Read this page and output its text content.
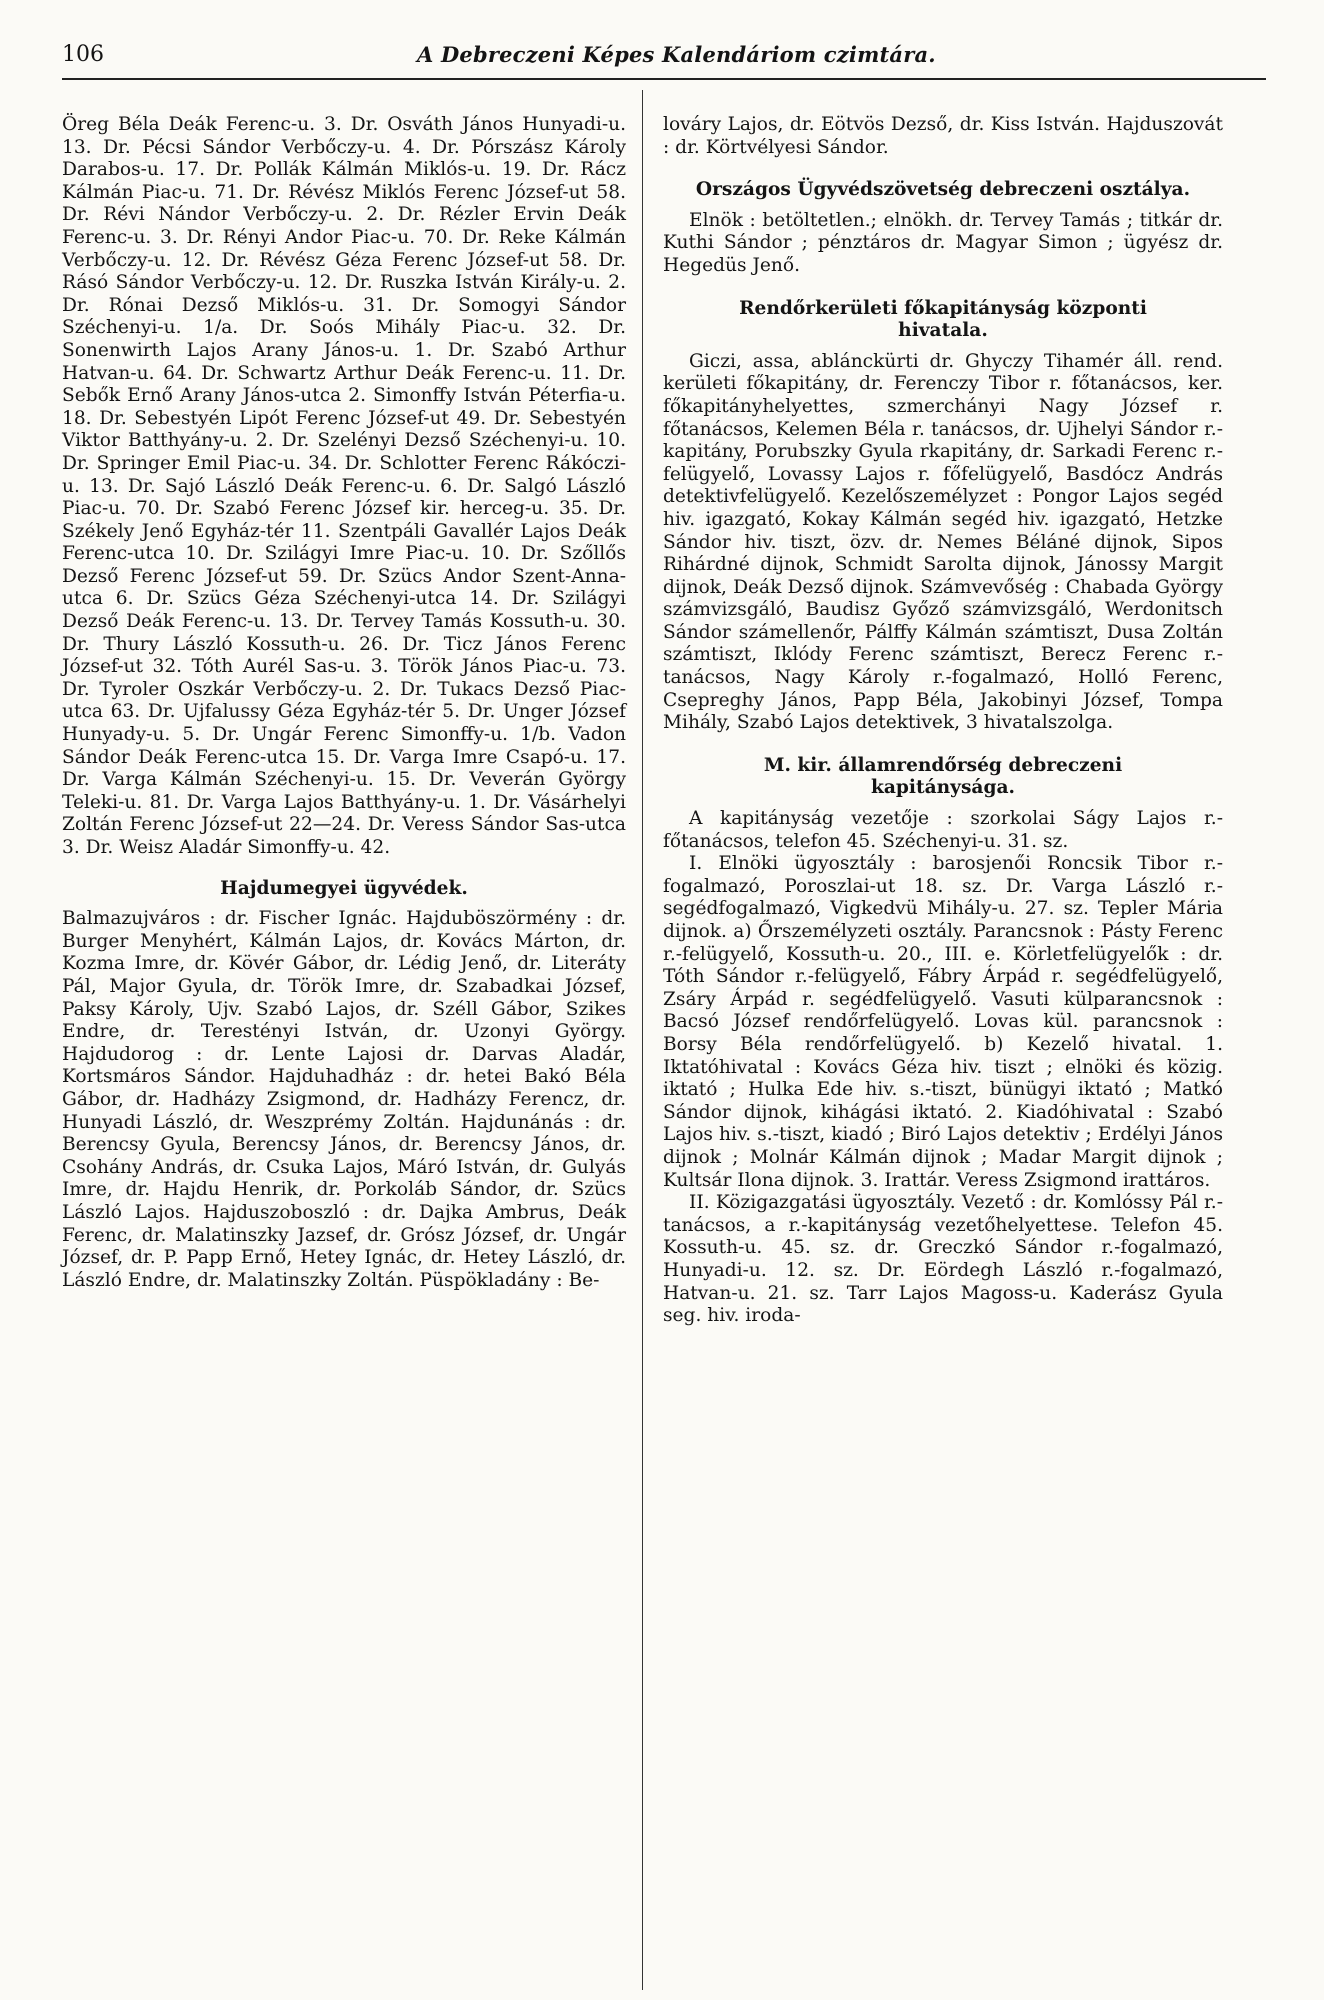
106	A Debreczeni Képes Kalendáriom czimtára.

Öreg Béla Deák Ferenc-u. 3. Dr. Osváth János Hunyadi-u. 13. Dr. Pécsi Sándor Verbőczy-u. 4. Dr. Pórszász Károly Darabos-u. 17. Dr. Pollák Kálmán Miklós-u. 19. Dr. Rácz Kálmán Piac-u. 71. Dr. Révész Miklós Ferenc József-ut 58. Dr. Révi Nándor Verbőczy-u. 2. Dr. Rézler Ervin Deák Ferenc-u. 3. Dr. Rényi Andor Piac-u. 70. Dr. Reke Kálmán Verbőczy-u. 12. Dr. Révész Géza Ferenc József-ut 58. Dr. Rásó Sándor Verbőczy-u. 12. Dr. Ruszka István Király-u. 2. Dr. Rónai Dezső Miklós-u. 31. Dr. Somogyi Sándor Széchenyi-u. 1/a. Dr. Soós Mihály Piac-u. 32. Dr. Sonenwirth Lajos Arany János-u. 1. Dr. Szabó Arthur Hatvan-u. 64. Dr. Schwartz Arthur Deák Ferenc-u. 11. Dr. Sebők Ernő Arany János-utca 2. Simonffy István Péterfia-u. 18. Dr. Sebestyén Lipót Ferenc József-ut 49. Dr. Sebestyén Viktor Batthyány-u. 2. Dr. Szelényi Dezső Széchenyi-u. 10. Dr. Springer Emil Piac-u. 34. Dr. Schlotter Ferenc Rákóczi-u. 13. Dr. Sajó László Deák Ferenc-u. 6. Dr. Salgó László Piac-u. 70. Dr. Szabó Ferenc József kir. herceg-u. 35. Dr. Székely Jenő Egyház-tér 11. Szentpáli Gavallér Lajos Deák Ferenc-utca 10. Dr. Szilágyi Imre Piac-u. 10. Dr. Szőllős Dezső Ferenc József-ut 59. Dr. Szücs Andor Szent-Anna-utca 6. Dr. Szücs Géza Széchenyi-utca 14. Dr. Szilágyi Dezső Deák Ferenc-u. 13. Dr. Tervey Tamás Kossuth-u. 30. Dr. Thury László Kossuth-u. 26. Dr. Ticz János Ferenc József-ut 32. Tóth Aurél Sas-u. 3. Török János Piac-u. 73. Dr. Tyroler Oszkár Verbőczy-u. 2. Dr. Tukacs Dezső Piac-utca 63. Dr. Ujfalussy Géza Egyház-tér 5. Dr. Unger József Hunyady-u. 5. Dr. Ungár Ferenc Simonffy-u. 1/b. Vadon Sándor Deák Ferenc-utca 15. Dr. Varga Imre Csapó-u. 17. Dr. Varga Kálmán Széchenyi-u. 15. Dr. Veverán György Teleki-u. 81. Dr. Varga Lajos Batthyány-u. 1. Dr. Vásárhelyi Zoltán Ferenc József-ut 22—24. Dr. Veress Sándor Sas-utca 3. Dr. Weisz Aladár Simonffy-u. 42.

Hajdumegyei ügyvédek.

Balmazujváros : dr. Fischer Ignác. Hajduböszörmény : dr. Burger Menyhért, Kálmán Lajos, dr. Kovács Márton, dr. Kozma Imre, dr. Kövér Gábor, dr. Lédig Jenő, dr. Literáty Pál, Major Gyula, dr. Török Imre, dr. Szabadkai József, Paksy Károly, Ujv. Szabó Lajos, dr. Széll Gábor, Szikes Endre, dr. Terestényi István, dr. Uzonyi György. Hajdudorog : dr. Lente Lajosi dr. Darvas Aladár, Kortsmáros Sándor. Hajduhadház : dr. hetei Bakó Béla Gábor, dr. Hadházy Zsigmond, dr. Hadházy Ferencz, dr. Hunyadi László, dr. Weszprémy Zoltán. Hajdunánás : dr. Berencsy Gyula, Berencsy János, dr. Berencsy János, dr. Csohány András, dr. Csuka Lajos, Máró István, dr. Gulyás Imre, dr. Hajdu Henrik, dr. Porkoláb Sándor, dr. Szücs László Lajos. Hajduszoboszló : dr. Dajka Ambrus, Deák Ferenc, dr. Malatinszky Jazsef, dr. Grósz József, dr. Ungár József, dr. P. Papp Ernő, Hetey Ignác, dr. Hetey László, dr. László Endre, dr. Malatinszky Zoltán. Püspökladány : Be-

lováry Lajos, dr. Eötvös Dezső, dr. Kiss István. Hajduszovát : dr. Körtvélyesi Sándor.

Országos Ügyvédszövetség debreczeni osztálya.

Elnök : betöltetlen.; elnökh. dr. Tervey Tamás ; titkár dr. Kuthi Sándor ; pénztáros dr. Magyar Simon ; ügyész dr. Hegedüs Jenő.

Rendőrkerületi főkapitányság központi hivatala.

Giczi, assa, ablánckürti dr. Ghyczy Tihamér áll. rend. kerületi főkapitány, dr. Ferenczy Tibor r. főtanácsos, ker. főkapitányhelyettes, szmerchányi Nagy József r. főtanácsos, Kelemen Béla r. tanácsos, dr. Ujhelyi Sándor r.-kapitány, Porubszky Gyula rkapitány, dr. Sarkadi Ferenc r.-felügyelő, Lovassy Lajos r. főfelügyelő, Basdócz András detektivfelügyelő. Kezelőszemélyzet : Pongor Lajos segéd hiv. igazgató, Kokay Kálmán segéd hiv. igazgató, Hetzke Sándor hiv. tiszt, özv. dr. Nemes Béláné dijnok, Sipos Rihárdné dijnok, Schmidt Sarolta dijnok, Jánossy Margit dijnok, Deák Dezső dijnok. Számvevőség : Chabada György számvizsgáló, Baudisz Győző számvizsgáló, Werdonitsch Sándor számellenőr, Pálffy Kálmán számtiszt, Dusa Zoltán számtiszt, Iklódy Ferenc számtiszt, Berecz Ferenc r.-tanácsos, Nagy Károly r.-fogalmazó, Holló Ferenc, Csepreghy János, Papp Béla, Jakobinyi József, Tompa Mihály, Szabó Lajos detektivek, 3 hivatalszolga.

M. kir. államrendőrség debreczeni kapitánysága.

A kapitányság vezetője : szorkolai Ságy Lajos r.-főtanácsos, telefon 45. Széchenyi-u. 31. sz.

I. Elnöki ügyosztály : barosjenői Roncsik Tibor r.-fogalmazó, Poroszlai-ut 18. sz. Dr. Varga László r.-segédfogalmazó, Vigkedvü Mihály-u. 27. sz. Tepler Mária dijnok. a) Őrszemélyzeti osztály. Parancsnok : Pásty Ferenc r.-felügyelő, Kossuth-u. 20., III. e. Körletfelügyelők : dr. Tóth Sándor r.-felügyelő, Fábry Árpád r. segédfelügyelő, Zsáry Árpád r. segédfelügyelő. Vasuti külparancsnok : Bacsó József rendőrfelügyelő. Lovas kül. parancsnok : Borsy Béla rendőrfelügyelő. b) Kezelő hivatal. 1. Iktatóhivatal : Kovács Géza hiv. tiszt ; elnöki és közig. iktató ; Hulka Ede hiv. s.-tiszt, bünügyi iktató ; Matkó Sándor dijnok, kihágási iktató. 2. Kiadóhivatal : Szabó Lajos hiv. s.-tiszt, kiadó ; Biró Lajos detektiv ; Erdélyi János dijnok ; Molnár Kálmán dijnok ; Madar Margit dijnok ; Kultsár Ilona dijnok. 3. Irattár. Veress Zsigmond irattáros.

II. Közigazgatási ügyosztály. Vezető : dr. Komlóssy Pál r.-tanácsos, a r.-kapitányság vezetőhelyettese. Telefon 45. Kossuth-u. 45. sz. dr. Greczkó Sándor r.-fogalmazó, Hunyadi-u. 12. sz. Dr. Eördegh László r.-fogalmazó, Hatvan-u. 21. sz. Tarr Lajos Magoss-u. Kaderász Gyula seg. hiv. iroda-
